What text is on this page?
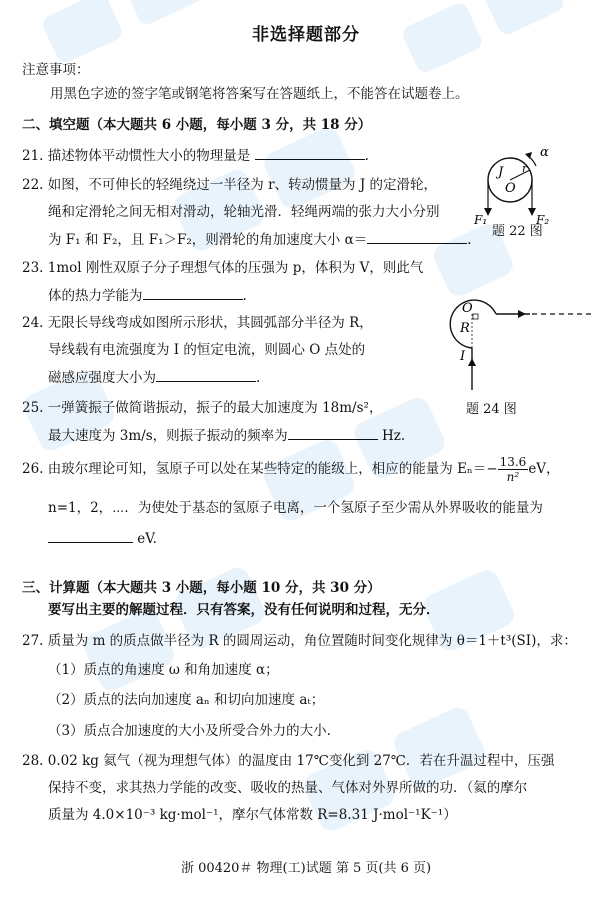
非选择题部分
注意事项：
用黑色字迹的签字笔或钢笔将答案写在答题纸上，不能答在试题卷上。
二、填空题（本大题共 6 小题，每小题 3 分，共 18 分）
21. 描述物体平动惯性大小的物理量是	.
22. 如图，不可伸长的轻绳绕过一半径为 r、转动惯量为 J 的定滑轮，
绳和定滑轮之间无相对滑动，轮轴光滑．轻绳两端的张力大小分别
为 F₁ 和 F₂，且 F₁＞F₂，则滑轮的角加速度大小 α＝	.
J r
O
α
F₁	F₂
题 22 图
23. 1mol 刚性双原子分子理想气体的压强为 p，体积为 V，则此气
体的热力学能为	.
24. 无限长导线弯成如图所示形状，其圆弧部分半径为 R，
导线载有电流强度为 I 的恒定电流，则圆心 O 点处的
磁感应强度大小为	.
O
R
I
题 24 图
25. 一弹簧振子做简谐振动，振子的最大加速度为 18m/s²，
最大速度为 3m/s，则振子振动的频率为	Hz.
26. 由玻尔理论可知，氢原子可以处在某些特定的能级上，相应的能量为 $E_n=- \frac{13.6}{\text{n²}}$ eV，
n=1，2，⋯．为使处于基态的氢原子电离，一个氢原子至少需从外界吸收的能量为
eV.
三、计算题（本大题共 3 小题，每小题 10 分，共 30 分）
要写出主要的解题过程．只有答案，没有任何说明和过程，无分．
27. 质量为 m 的质点做半径为 R 的圆周运动，角位置随时间变化规律为 θ＝1＋t³(SI)，求：
（1）质点的角速度 ω 和角加速度 α；
（2）质点的法向加速度 aₙ 和切向加速度 aₜ；
（3）质点合加速度的大小及所受合外力的大小.
28. 0.02 kg 氦气（视为理想气体）的温度由 17℃变化到 27℃．若在升温过程中，压强
保持不变，求其热力学能的改变、吸收的热量、气体对外界所做的功．（氦的摩尔
质量为 4.0×10⁻³ kg·mol⁻¹，摩尔气体常数 R=8.31 J·mol⁻¹K⁻¹）
浙 00420＃ 物理(工)试题 第 5 页(共 6 页)
